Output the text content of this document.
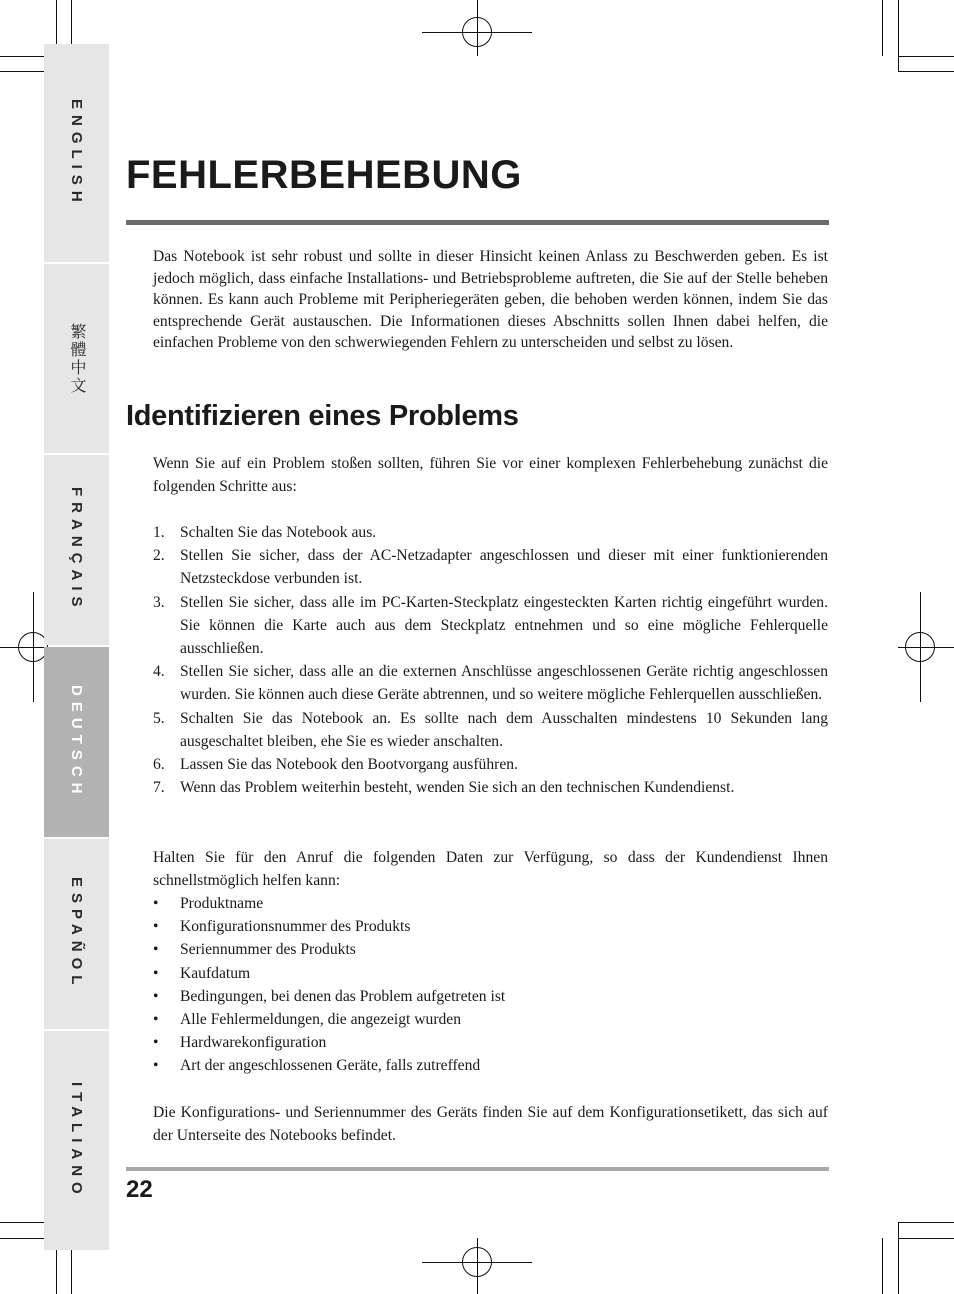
ENGLISH
繁體中文
FRANÇAIS
DEUTSCH
ESPAÑOL
ITALIANO
FEHLERBEHEBUNG

Das Notebook ist sehr robust und sollte in dieser Hinsicht keinen Anlass zu Beschwerden geben. Es ist jedoch möglich, dass einfache Installations- und Betriebsprobleme auftreten, die Sie auf der Stelle beheben können. Es kann auch Probleme mit Peripheriegeräten geben, die behoben werden können, indem Sie das entsprechende Gerät austauschen. Die Informationen dieses Abschnitts sollen Ihnen dabei helfen, die einfachen Probleme von den schwerwiegenden Fehlern zu unterscheiden und selbst zu lösen.

Identifizieren eines Problems

Wenn Sie auf ein Problem stoßen sollten, führen Sie vor einer komplexen Fehlerbehebung zunächst die folgenden Schritte aus:

1. Schalten Sie das Notebook aus.
2. Stellen Sie sicher, dass der AC-Netzadapter angeschlossen und dieser mit einer funktionierenden Netzsteckdose verbunden ist.
3. Stellen Sie sicher, dass alle im PC-Karten-Steckplatz eingesteckten Karten richtig eingeführt wurden. Sie können die Karte auch aus dem Steckplatz entnehmen und so eine mögliche Fehlerquelle ausschließen.
4. Stellen Sie sicher, dass alle an die externen Anschlüsse angeschlossenen Geräte richtig angeschlossen wurden. Sie können auch diese Geräte abtrennen, und so weitere mögliche Fehlerquellen ausschließen.
5. Schalten Sie das Notebook an. Es sollte nach dem Ausschalten mindestens 10 Sekunden lang ausgeschaltet bleiben, ehe Sie es wieder anschalten.
6. Lassen Sie das Notebook den Bootvorgang ausführen.
7. Wenn das Problem weiterhin besteht, wenden Sie sich an den technischen Kundendienst.

Halten Sie für den Anruf die folgenden Daten zur Verfügung, so dass der Kundendienst Ihnen schnellstmöglich helfen kann:

• Produktname
• Konfigurationsnummer des Produkts
• Seriennummer des Produkts
• Kaufdatum
• Bedingungen, bei denen das Problem aufgetreten ist
• Alle Fehlermeldungen, die angezeigt wurden
• Hardwarekonfiguration
• Art der angeschlossenen Geräte, falls zutreffend

Die Konfigurations- und Seriennummer des Geräts finden Sie auf dem Konfigurationsetikett, das sich auf der Unterseite des Notebooks befindet.

22
